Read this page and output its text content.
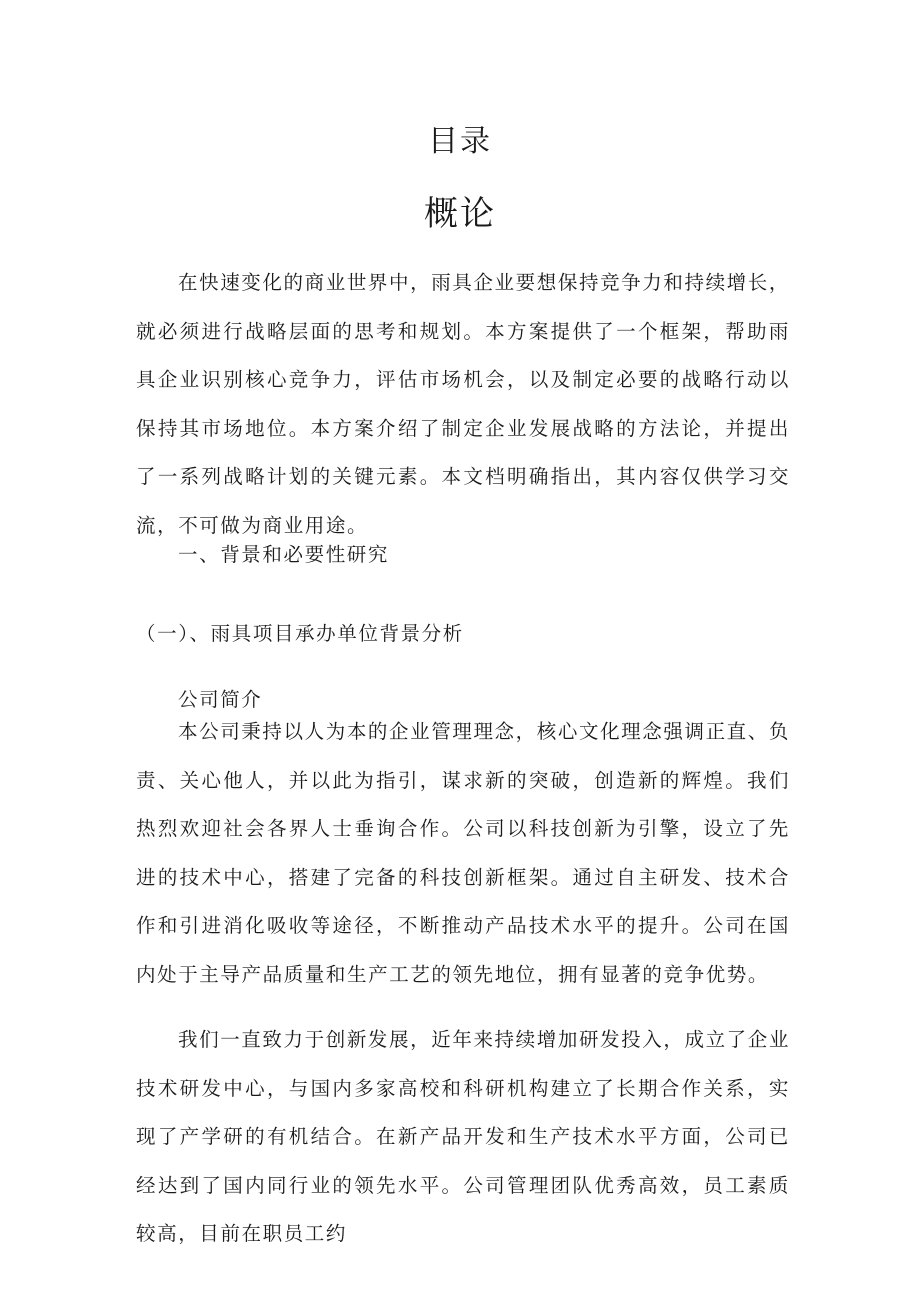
目录
概论

在快速变化的商业世界中，雨具企业要想保持竞争力和持续增长，就必须进行战略层面的思考和规划。本方案提供了一个框架，帮助雨具企业识别核心竞争力，评估市场机会，以及制定必要的战略行动以保持其市场地位。本方案介绍了制定企业发展战略的方法论，并提出了一系列战略计划的关键元素。本文档明确指出，其内容仅供学习交流，不可做为商业用途。

一、背景和必要性研究
（一）、雨具项目承办单位背景分析
公司简介

本公司秉持以人为本的企业管理理念，核心文化理念强调正直、负责、关心他人，并以此为指引，谋求新的突破，创造新的辉煌。我们热烈欢迎社会各界人士垂询合作。公司以科技创新为引擎，设立了先进的技术中心，搭建了完备的科技创新框架。通过自主研发、技术合作和引进消化吸收等途径，不断推动产品技术水平的提升。公司在国内处于主导产品质量和生产工艺的领先地位，拥有显著的竞争优势。

我们一直致力于创新发展，近年来持续增加研发投入，成立了企业技术研发中心，与国内多家高校和科研机构建立了长期合作关系，实现了产学研的有机结合。在新产品开发和生产技术水平方面，公司已经达到了国内同行业的领先水平。公司管理团队优秀高效，员工素质较高，目前在职员工约
